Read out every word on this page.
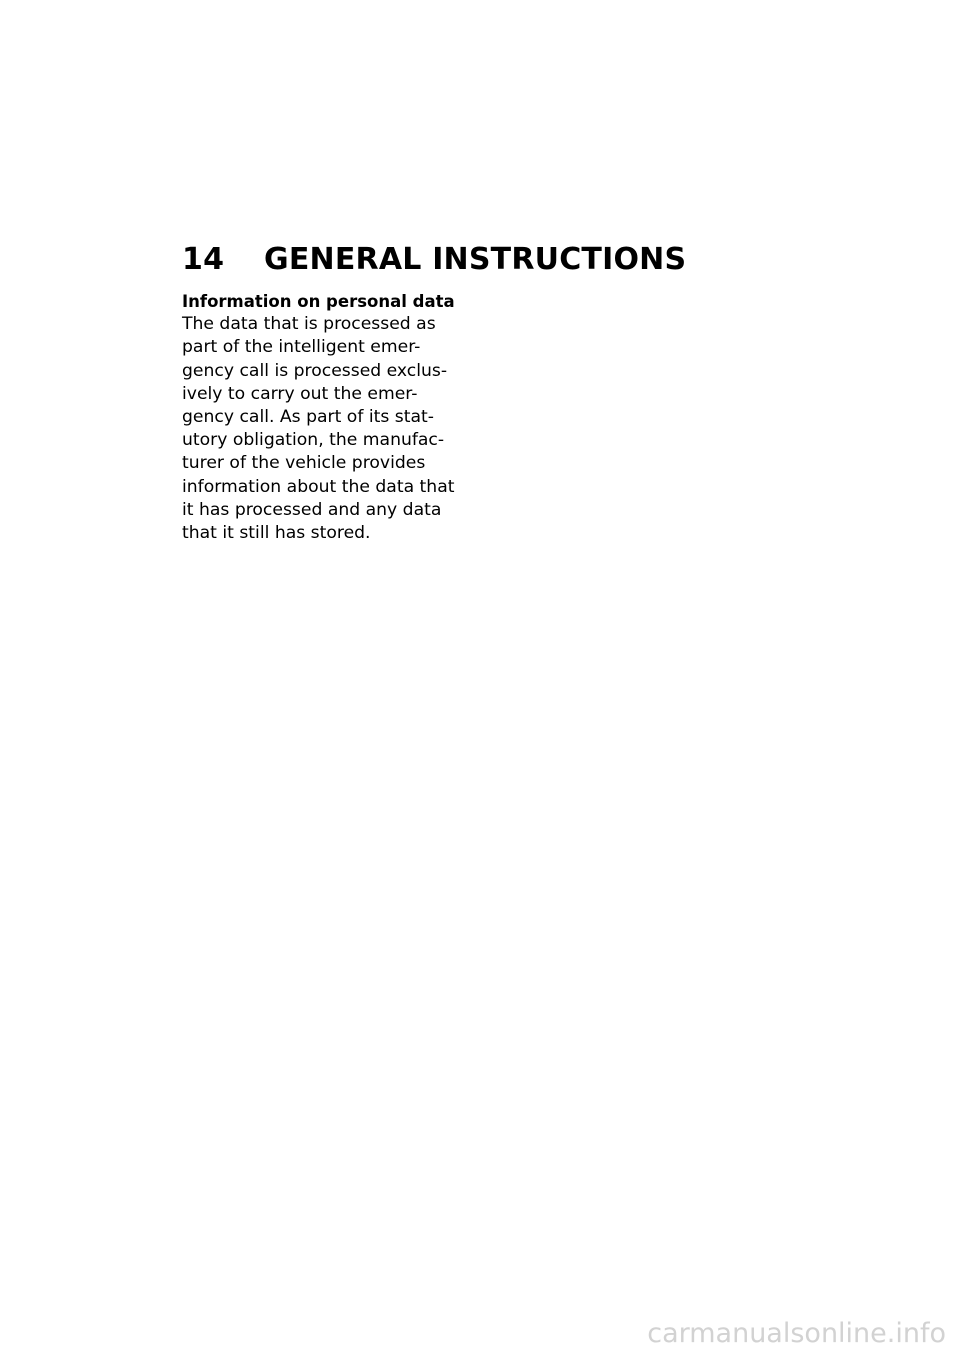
14 GENERAL INSTRUCTIONS

Information on personal data

The data that is processed as

part of the intelligent emer-

gency call is processed exclus-

ively to carry out the emer-

gency call. As part of its stat-

utory obligation, the manufac-

turer of the vehicle provides

information about the data that

it has processed and any data

that it still has stored.

carmanualsonline.info
